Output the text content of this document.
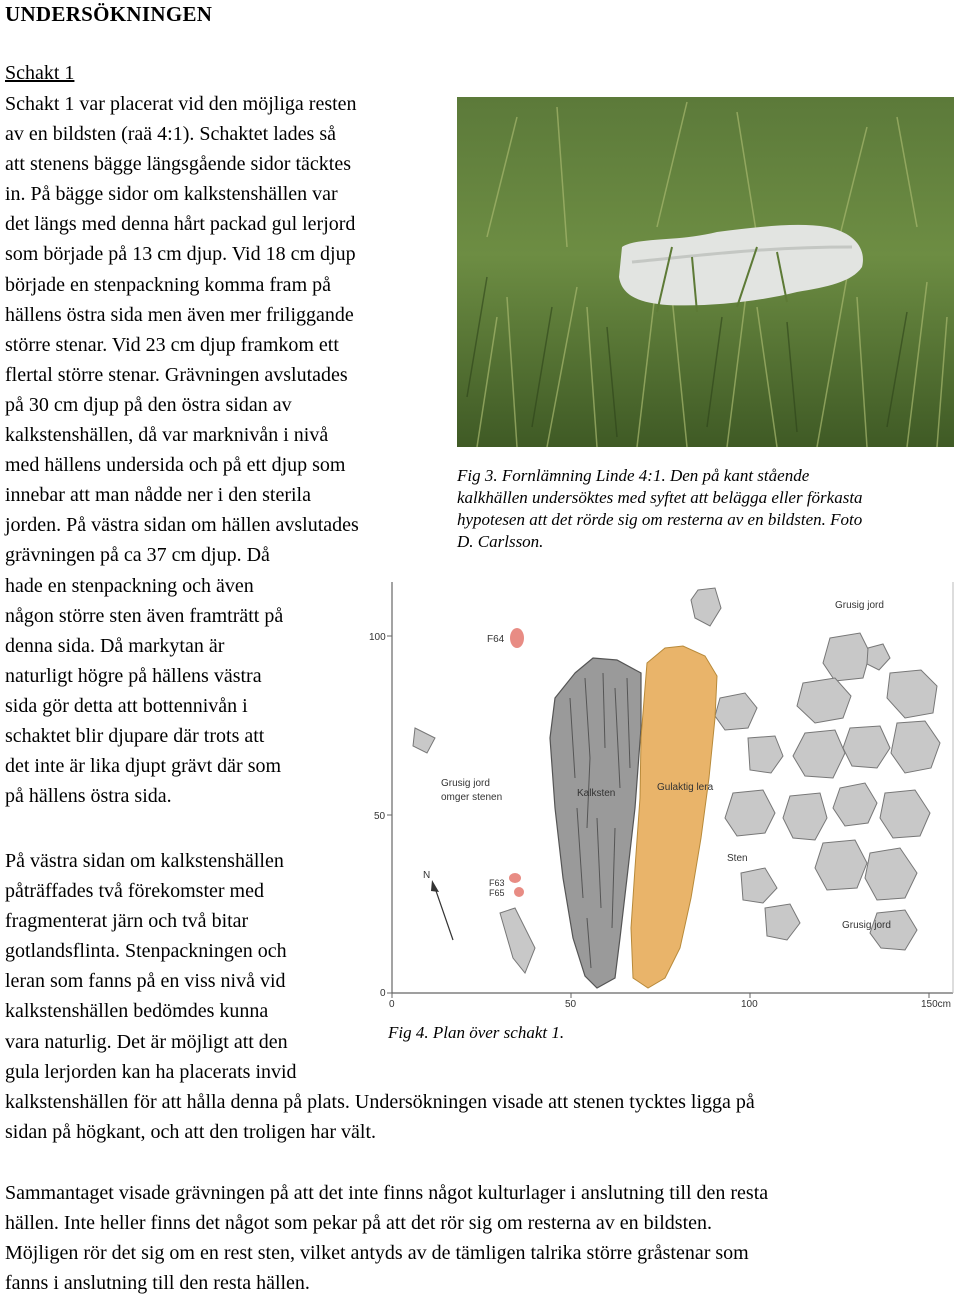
UNDERSÖKNINGEN
Schakt 1
Schakt 1 var placerat vid den möjliga resten
av en bildsten (raä 4:1). Schaktet lades så
att stenens bägge längsgående sidor täcktes
in. På bägge sidor om kalkstenshällen var
det längs med denna hårt packad gul lerjord
som började på 13 cm djup. Vid 18 cm djup
började en stenpackning komma fram på
hällens östra sida men även mer friliggande
större stenar. Vid 23 cm djup framkom ett
flertal större stenar. Grävningen avslutades
på 30 cm djup på den östra sidan av
kalkstenshällen, då var marknivån i nivå
med hällens undersida och på ett djup som
innebar att man nådde ner i den sterila
jorden. På västra sidan om hällen avslutades
grävningen på ca 37 cm djup. Då
hade en stenpackning och även
någon större sten även framträtt på
denna sida. Då markytan är
naturligt högre på hällens västra
sida gör detta att bottennivån i
schaktet blir djupare där trots att
det inte är lika djupt grävt där som
på hällens östra sida.
På västra sidan om kalkstenshällen
påträffades två förekomster med
fragmenterat järn och två bitar
gotlandsflinta. Stenpackningen och
leran som fanns på en viss nivå vid
kalkstenshällen bedömdes kunna
vara naturlig. Det är möjligt att den
gula lerjorden kan ha placerats invid
kalkstenshällen för att hålla denna på plats. Undersökningen visade att stenen tycktes ligga på
sidan på högkant, och att den troligen har vält.
Sammantaget visade grävningen på att det inte finns något kulturlager i anslutning till den resta
hällen. Inte heller finns det något som pekar på att det rör sig om resterna av en bildsten.
Möjligen rör det sig om en rest sten, vilket antyds av de tämligen talrika större gråstenar som
fanns i anslutning till den resta hällen.
Fig 3. Fornlämning Linde 4:1. Den på kant stående
kalkhällen undersöktes med syftet att belägga eller förkasta
hypotesen att det rörde sig om resterna av en bildsten. Foto
D. Carlsson.
100
50
0
0	50	100	150cm
Grusig jord
F64
Grusig jord
omger stenen	Kalksten
Gulaktig lera
Sten
F63
F65
Grusig jord
N
Fig 4. Plan över schakt 1.
